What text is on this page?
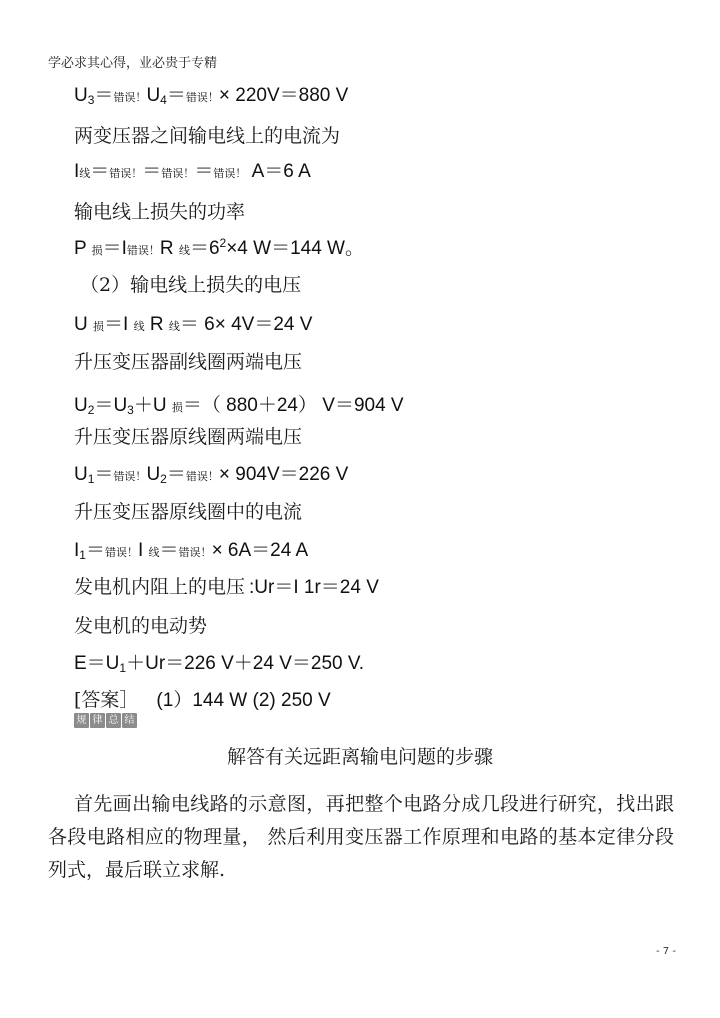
学必求其心得，业必贵于专精
$U_3=$错误！$U_4=$错误！× 220V＝880 V
两变压器之间输电线上的电流为
I线＝错误！＝错误！＝错误！ A＝6 A
输电线上损失的功率
P 损＝I错误！R 线$=6^2\times 4$ W＝144 W。
（2）输电线上损失的电压
U 损＝I 线 R 线＝ 6× 4V＝24 V
升压变压器副线圈两端电压
$U_2=U_3+U$ 损＝（ 880＋24） V＝904 V
升压变压器原线圈两端电压
$U_1=$错误！$U_2=$错误！× 904V＝226 V
升压变压器原线圈中的电流
$I_1=$错误！I 线＝错误！× 6A＝24 A
发电机内阻上的电压 :Ur＝I 1r＝24 V
发电机的电动势
$E=U_1+Ur=226$ V＋24 V＝250 V.
[答案］ (1）144 W (2) 250 V
规 律 总 结
解答有关远距离输电问题的步骤
首先画出输电线路的示意图，再把整个电路分成几段进行研究，找出跟各段电路相应的物理量， 然后利用变压器工作原理和电路的基本定律分段列式，最后联立求解.
- 7 -
